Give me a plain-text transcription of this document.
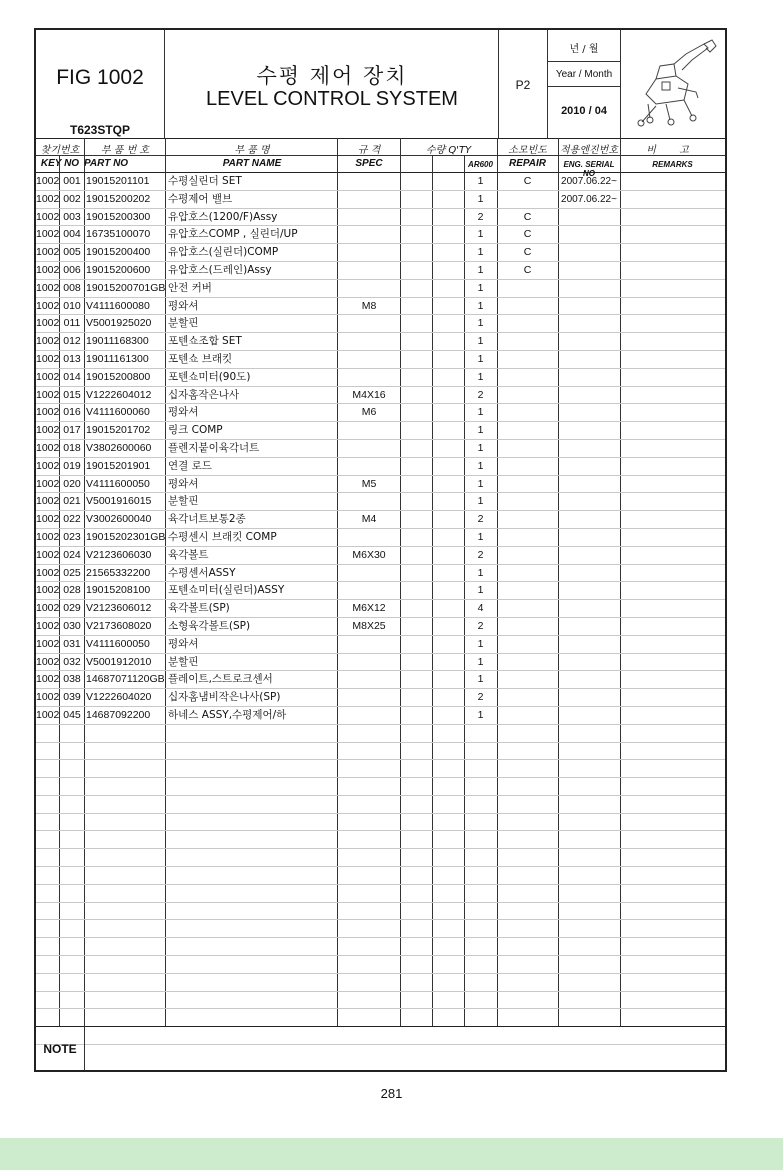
FIG 1002
T623STQP
수평 제어 장치
LEVEL CONTROL SYSTEM
P2
년 / 월
Year / Month
2010 / 04
찾기번호
KEY NO
부 품 번 호
PART NO
부 품 명
PART NAME
규 격
SPEC
수량 Q'TY
AR600
소모빈도
REPAIR
적용엔진번호
ENG. SERIAL NO
비 고
REMARKS
1002 001 19015201101	수평실린더 SET	1	C	2007.06.22~
1002 002 19015200202	수평제어 밸브	1	2007.06.22~
1002 003 19015200300	유압호스(1200/F)Assy	2	C
1002 004 16735100070	유압호스COMP , 실린더/UP	1	C
1002 005 19015200400	유압호스(실린더)COMP	1	C
1002 006 19015200600	유압호스(드레인)Assy	1	C
1002 008 19015200701GB 안전 커버	1
1002 010 V4111600080	평와셔	M8	1
1002 011 V5001925020	분할핀	1
1002 012 19011168300	포텐쇼조합 SET	1
1002 013 19011161300	포텐쇼 브래킷	1
1002 014 19015200800	포텐쇼미터(90도)	1
1002 015 V1222604012	십자홈작은나사	M4X16	2
1002 016 V4111600060	평와셔	M6	1
1002 017 19015201702	링크 COMP	1
1002 018 V3802600060	플렌지붙이육각너트	1
1002 019 19015201901	연결 로드	1
1002 020 V4111600050	평와셔	M5	1
1002 021 V5001916015	분할핀	1
1002 022 V3002600040	육각너트보통2종	M4	2
1002 023 19015202301GB 수평센시 브래킷 COMP	1
1002 024 V2123606030	육각볼트	M6X30	2
1002 025 21565332200	수평센서ASSY	1
1002 028 19015208100	포텐쇼미터(실린더)ASSY	1
1002 029 V2123606012	육각볼트(SP)	M6X12	4
1002 030 V2173608020	소형육각볼트(SP)	M8X25	2
1002 031 V4111600050	평와셔	1
1002 032 V5001912010	분할핀	1
1002 038 14687071120GB 플레이트,스트로크센서	1
1002 039 V1222604020	십자홈냄비작은나사(SP)	2
1002 045 14687092200	하네스 ASSY,수평제어/하	1
NOTE
281
